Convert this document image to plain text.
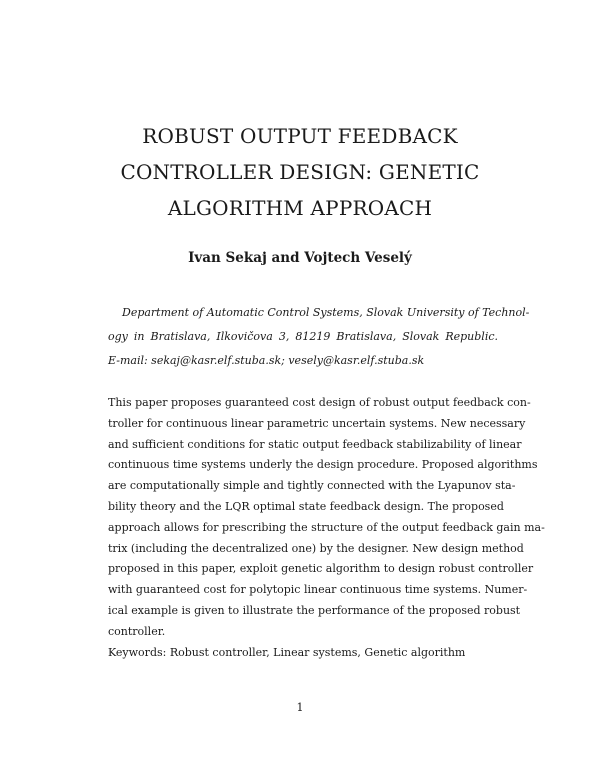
ROBUST OUTPUT FEEDBACK
CONTROLLER DESIGN: GENETIC
ALGORITHM APPROACH
Ivan Sekaj and Vojtech Veselý
Department of Automatic Control Systems, Slovak University of Technol-
ogy in Bratislava, Ilkovičova 3, 81219 Bratislava, Slovak Republic.
E-mail: sekaj@kasr.elf.stuba.sk; vesely@kasr.elf.stuba.sk
This paper proposes guaranteed cost design of robust output feedback con-
troller for continuous linear parametric uncertain systems. New necessary
and sufficient conditions for static output feedback stabilizability of linear
continuous time systems underly the design procedure. Proposed algorithms
are computationally simple and tightly connected with the Lyapunov sta-
bility theory and the LQR optimal state feedback design. The proposed
approach allows for prescribing the structure of the output feedback gain ma-
trix (including the decentralized one) by the designer. New design method
proposed in this paper, exploit genetic algorithm to design robust controller
with guaranteed cost for polytopic linear continuous time systems. Numer-
ical example is given to illustrate the performance of the proposed robust
controller.
Keywords: Robust controller, Linear systems, Genetic algorithm
1
